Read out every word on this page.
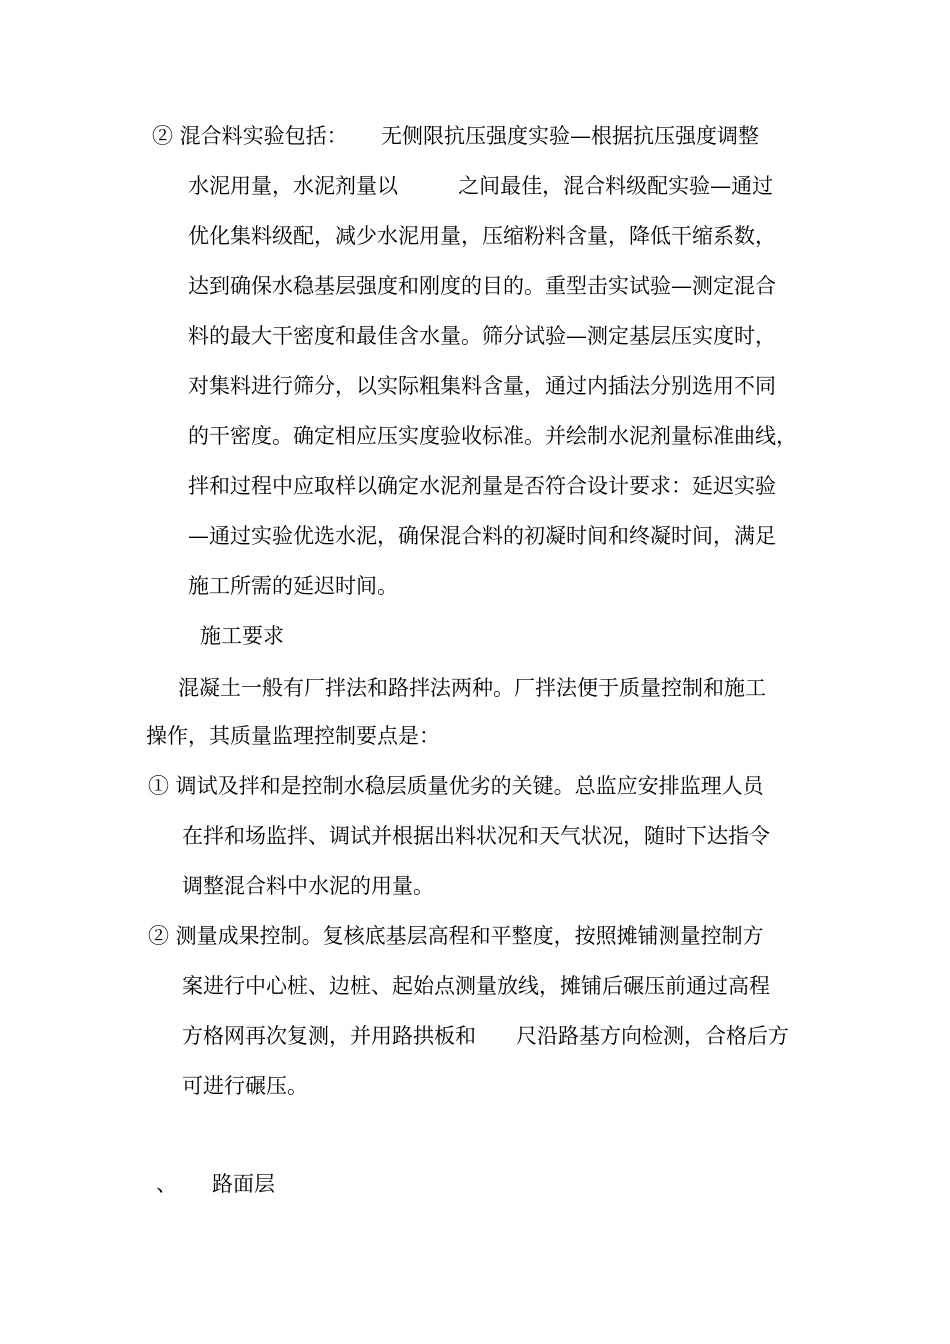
② 混合料实验包括：     无侧限抗压强度实验—根据抗压强度调整

水泥用量，水泥剂量以         之间最佳，混合料级配实验—通过

优化集料级配，减少水泥用量，压缩粉料含量，降低干缩系数，

达到确保水稳基层强度和刚度的目的。重型击实试验—测定混合

料的最大干密度和最佳含水量。筛分试验—测定基层压实度时，

对集料进行筛分，以实际粗集料含量，通过内插法分别选用不同

的干密度。确定相应压实度验收标准。并绘制水泥剂量标准曲线，

拌和过程中应取样以确定水泥剂量是否符合设计要求：延迟实验

—通过实验优选水泥，确保混合料的初凝时间和终凝时间，满足

施工所需的延迟时间。

施工要求

混凝土一般有厂拌法和路拌法两种。厂拌法便于质量控制和施工

操作，其质量监理控制要点是：

① 调试及拌和是控制水稳层质量优劣的关键。总监应安排监理人员

在拌和场监拌、调试并根据出料状况和天气状况，随时下达指令

调整混合料中水泥的用量。

② 测量成果控制。复核底基层高程和平整度，按照摊铺测量控制方

案进行中心桩、边桩、起始点测量放线，摊铺后碾压前通过高程

方格网再次复测，并用路拱板和      尺沿路基方向检测，合格后方

可进行碾压。

、 路面层
